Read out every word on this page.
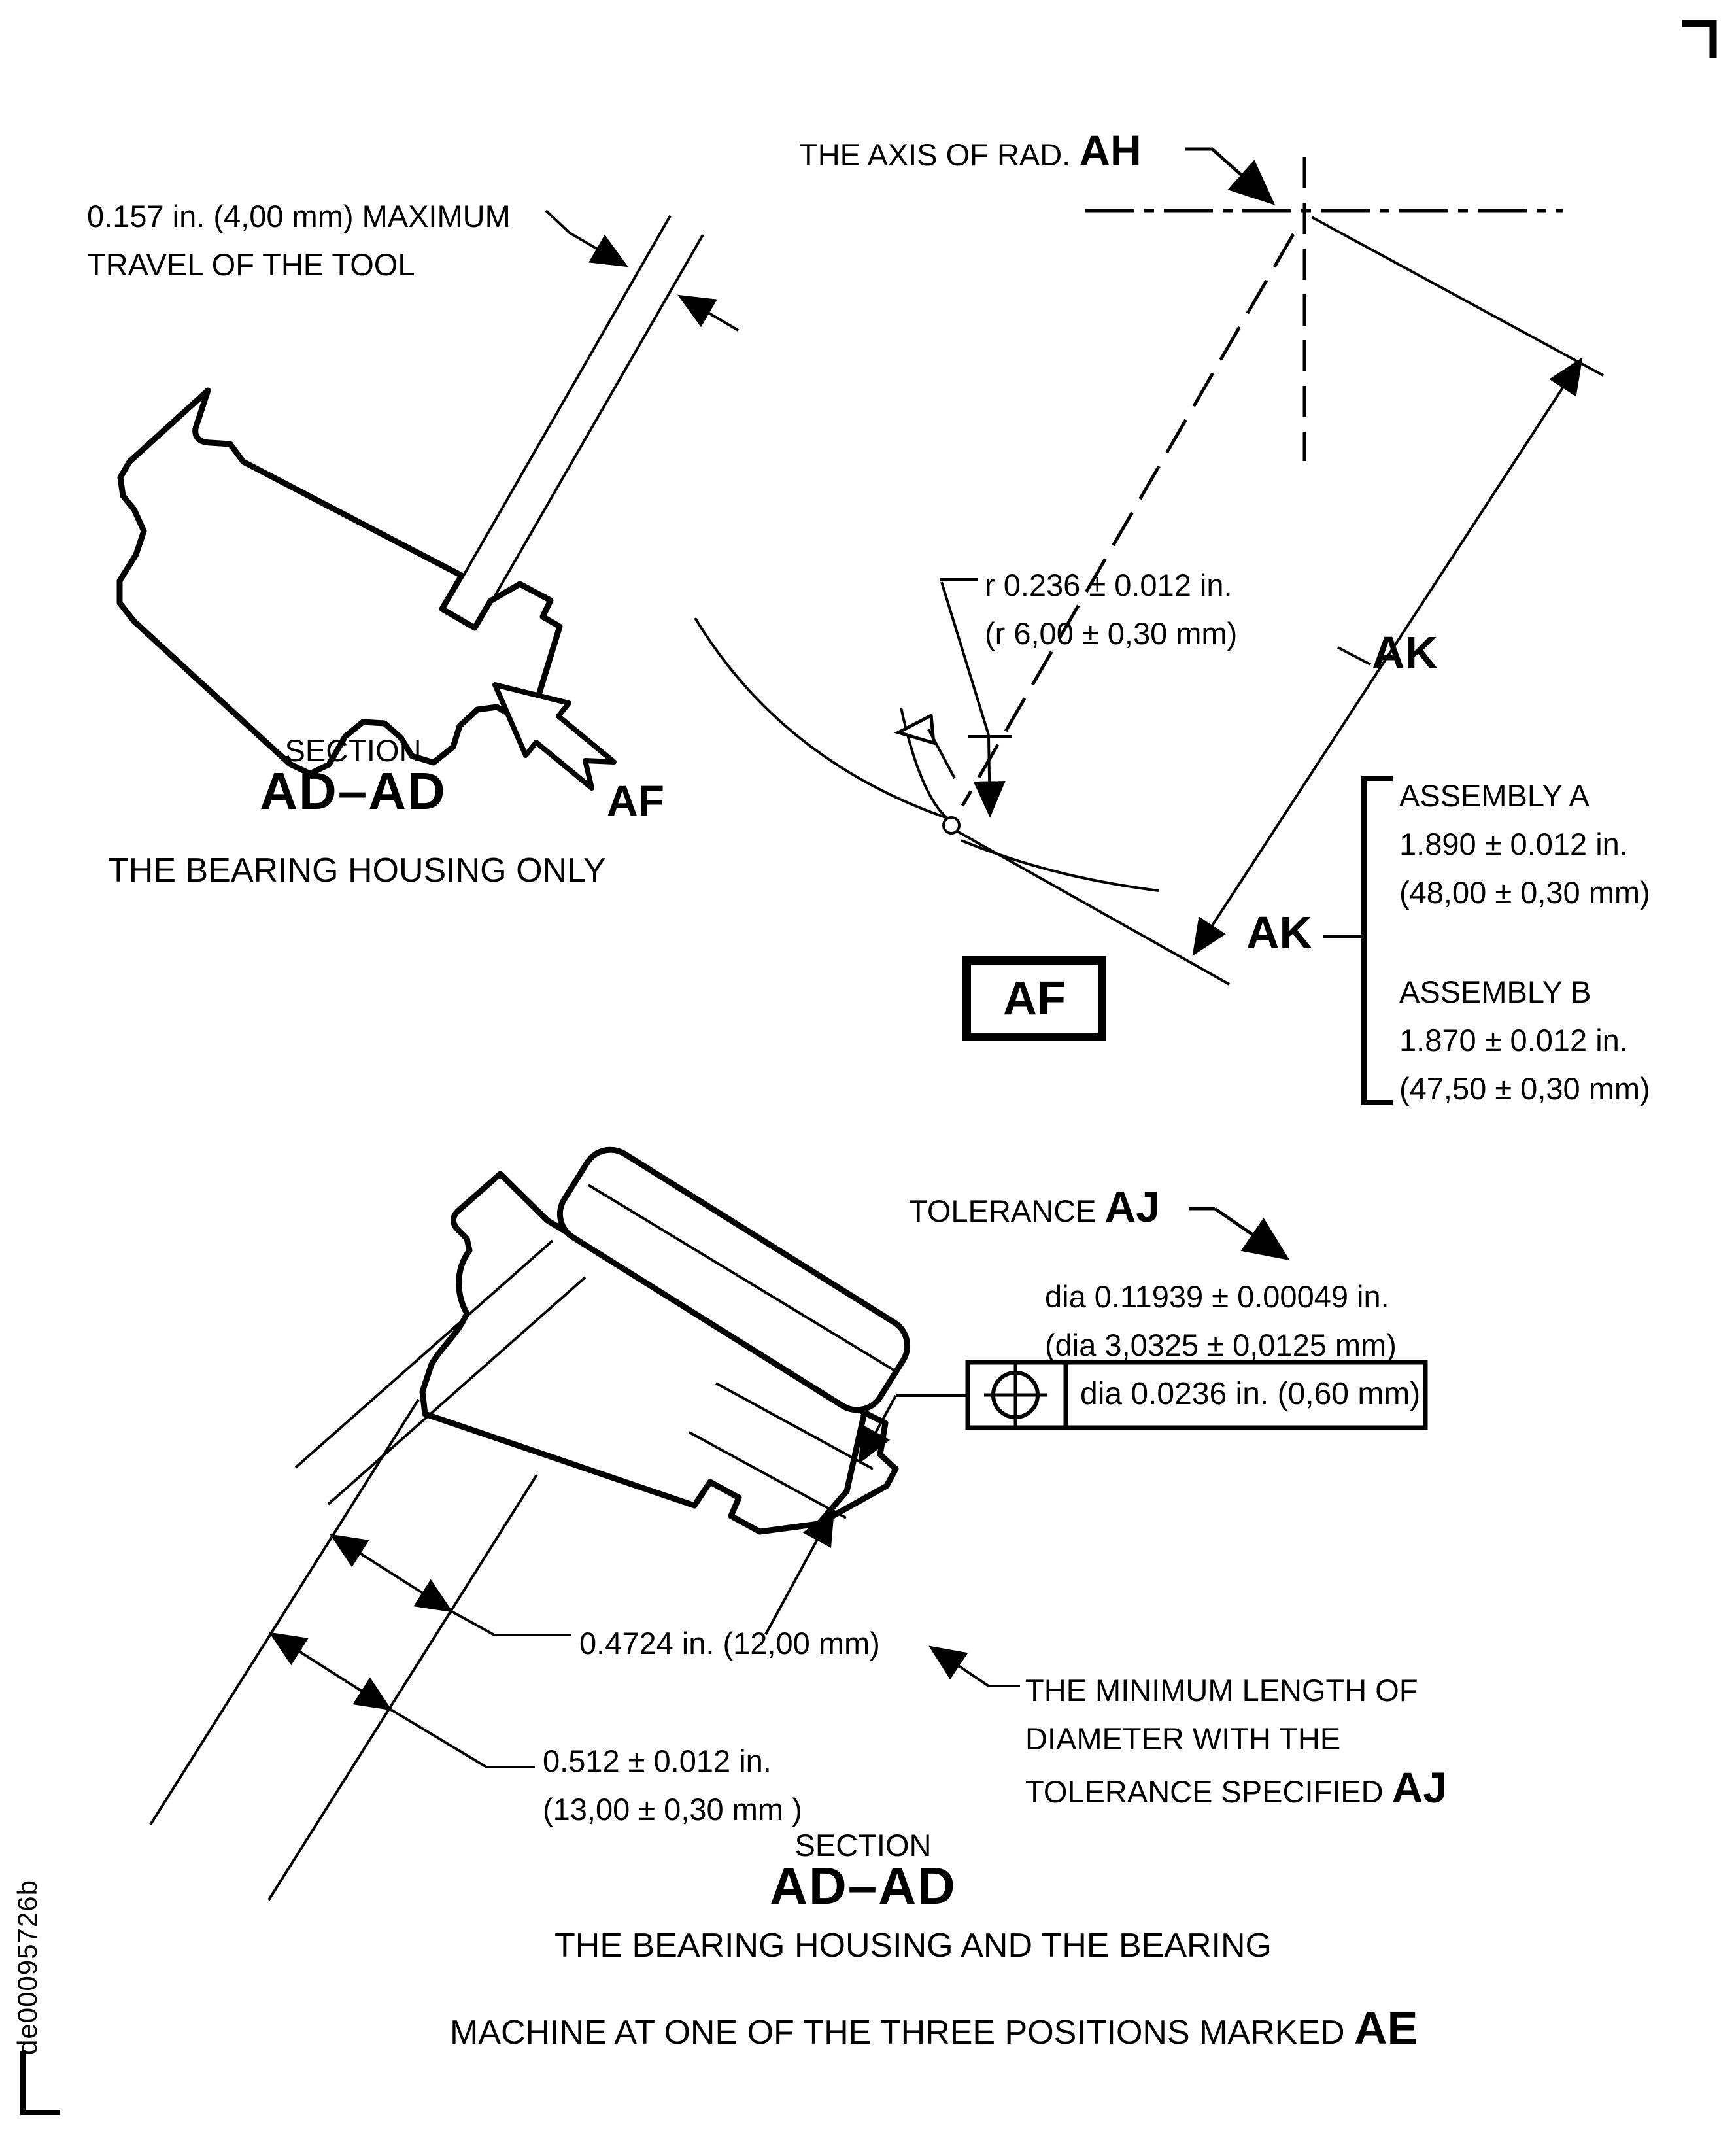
0.157 in. (4,00 mm) MAXIMUM
TRAVEL OF THE TOOL
THE AXIS OF RAD. AH
r 0.236 ± 0.012 in.
(r 6,00 ± 0,30 mm)	AK
AK
ASSEMBLY A
1.890 ± 0.012 in.
(48,00 ± 0,30 mm)
ASSEMBLY B
1.870 ± 0.012 in.
(47,50 ± 0,30 mm)
AF
AF
SECTION
AD–AD
THE BEARING HOUSING ONLY
TOLERANCE AJ
dia 0.11939 ± 0.00049 in.
(dia 3,0325 ± 0,0125 mm)
dia 0.0236 in. (0,60 mm)
0.4724 in. (12,00 mm)
0.512 ± 0.012 in.
(13,00 ± 0,30 mm )
THE MINIMUM LENGTH OF
DIAMETER WITH THE
TOLERANCE SPECIFIED AJ
SECTION
AD–AD
THE BEARING HOUSING AND THE BEARING
MACHINE AT ONE OF THE THREE POSITIONS MARKED AE
de00095726b
